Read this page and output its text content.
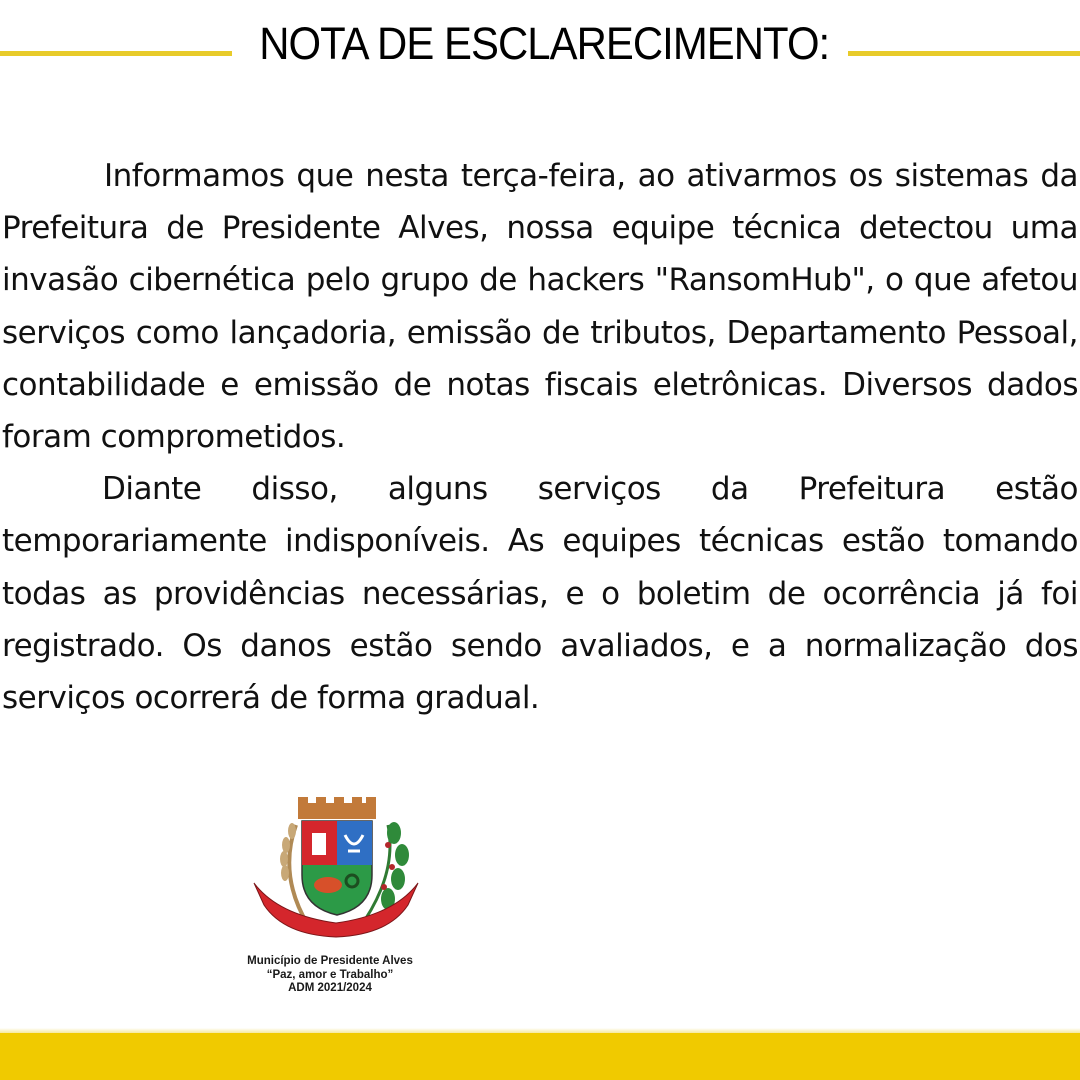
NOTA DE ESCLARECIMENTO:

Informamos que nesta terça-feira, ao ativarmos os sistemas da Prefeitura de Presidente Alves, nossa equipe técnica detectou uma invasão cibernética pelo grupo de hackers "RansomHub", o que afetou serviços como lançadoria, emissão de tributos, Departamento Pessoal, contabilidade e emissão de notas fiscais eletrônicas. Diversos dados foram comprometidos.

Diante disso, alguns serviços da Prefeitura estão temporariamente indisponíveis. As equipes técnicas estão tomando todas as providências necessárias, e o boletim de ocorrência já foi registrado. Os danos estão sendo avaliados, e a normalização dos serviços ocorrerá de forma gradual.

Município de Presidente Alves
“Paz, amor e Trabalho”
ADM 2021/2024
